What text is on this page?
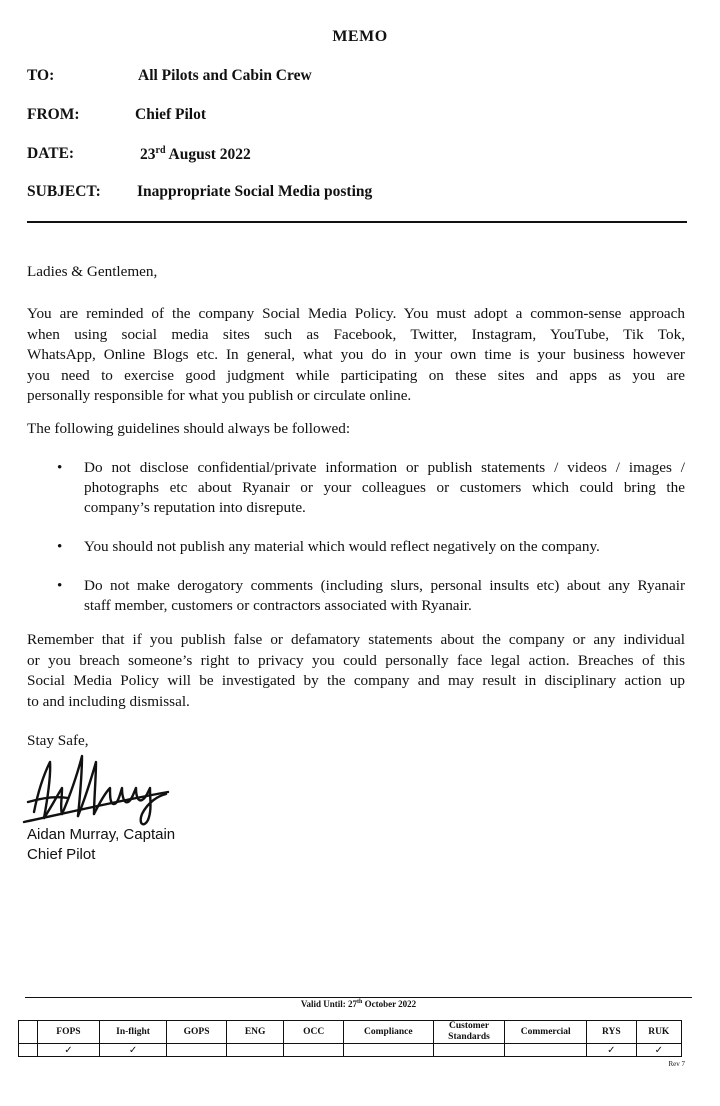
MEMO
TO:	All Pilots and Cabin Crew
FROM:	Chief Pilot
DATE:	23rd August 2022
SUBJECT: Inappropriate Social Media posting
Ladies & Gentlemen,
You are reminded of the company Social Media Policy. You must adopt a common-sense approach
when using social media sites such as Facebook, Twitter, Instagram, YouTube, Tik Tok,
WhatsApp, Online Blogs etc. In general, what you do in your own time is your business however
you need to exercise good judgment while participating on these sites and apps as you are
personally responsible for what you publish or circulate online.
The following guidelines should always be followed:
• Do not disclose confidential/private information or publish statements / videos / images /
photographs etc about Ryanair or your colleagues or customers which could bring the
company’s reputation into disrepute.
• You should not publish any material which would reflect negatively on the company.
• Do not make derogatory comments (including slurs, personal insults etc) about any Ryanair
staff member, customers or contractors associated with Ryanair.
Remember that if you publish false or defamatory statements about the company or any individual
or you breach someone’s right to privacy you could personally face legal action. Breaches of this
Social Media Policy will be investigated by the company and may result in disciplinary action up
to and including dismissal.
Stay Safe,
Aidan Murray, Captain
Chief Pilot
Valid Until: 27th October 2022
	FOPS	In-flight	GOPS	ENG	OCC	Compliance	Customer Standards	Commercial	RYS	RUK
	✓	✓							✓	✓
Rev 7
